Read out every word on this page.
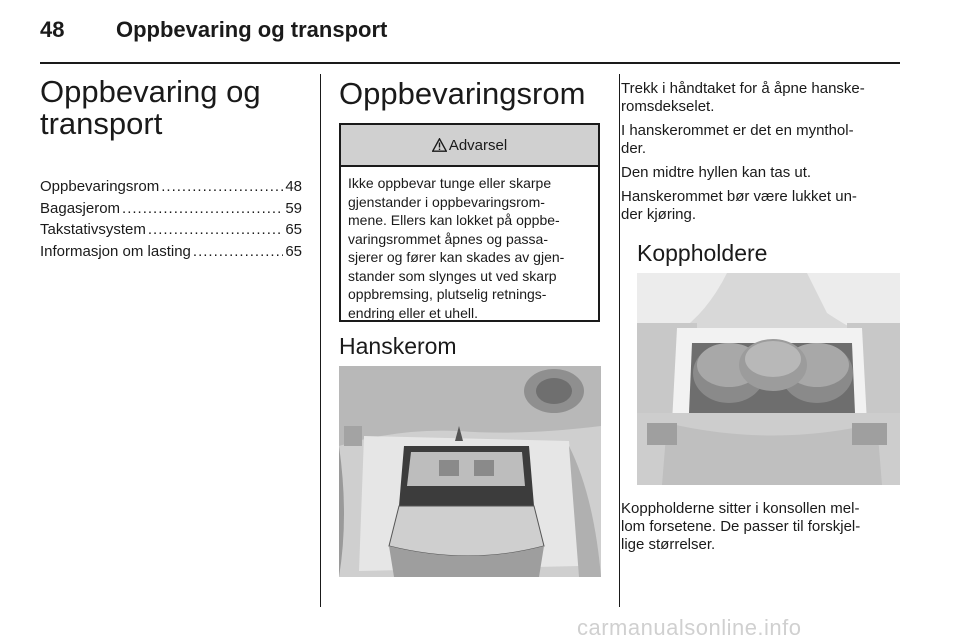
48 Oppbevaring og transport
Oppbevaring og
transport
Oppbevaringsrom .....	48
Bagasjerom .....	59
Takstativsystem .....	65
Informasjon om lasting .....	65
Oppbevaringsrom
Advarsel
Ikke oppbevar tunge eller skarpe
gjenstander i oppbevaringsrom-
mene. Ellers kan lokket på oppbe-
varingsrommet åpnes og passa-
sjerer og fører kan skades av gjen-
stander som slynges ut ved skarp
oppbremsing, plutselig retnings-
endring eller et uhell.
Hanskerom

Trekk i håndtaket for å åpne hanske-
romsdekselet.

I hanskerommet er det en mynthol-
der.

Den midtre hyllen kan tas ut.

Hanskerommet bør være lukket un-
der kjøring.

Koppholdere

Koppholderne sitter i konsollen mel-
lom forsetene. De passer til forskjel-
lige størrelser.

carmanualsonline.info
